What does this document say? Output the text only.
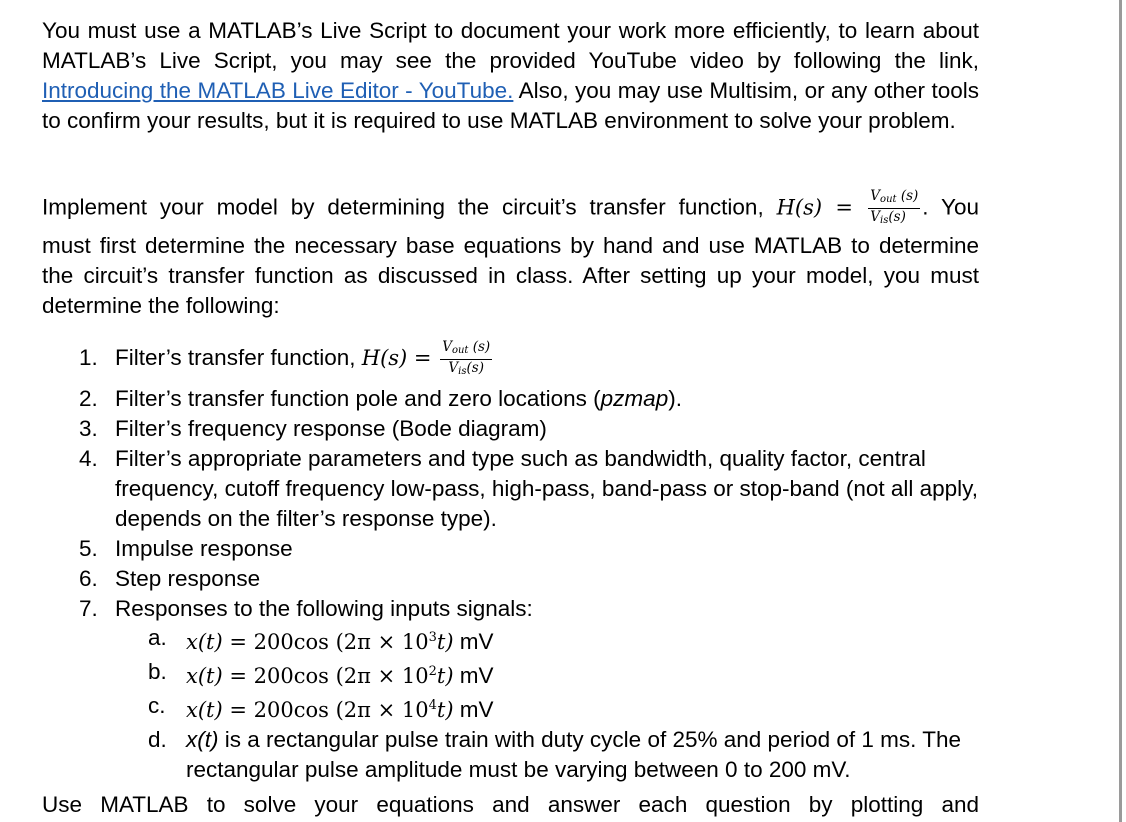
You must use a MATLAB’s Live Script to document your work more efficiently, to learn about MATLAB’s Live Script, you may see the provided YouTube video by following the link, Introducing the MATLAB Live Editor - YouTube. Also, you may use Multisim, or any other tools to confirm your results, but it is required to use MATLAB environment to solve your problem.
Implement your model by determining the circuit’s transfer function, $H(s) = \frac{V_{out} (s)}{V_{is}(s)}$ . You
must first determine the necessary base equations by hand and use MATLAB to determine the circuit’s transfer function as discussed in class. After setting up your model, you must determine the following:
1. Filter’s transfer function, $H(s) = \frac{V_{out} (s)}{V_{is}(s)}$
2. Filter’s transfer function pole and zero locations (pzmap).
3. Filter’s frequency response (Bode diagram)
4. Filter’s appropriate parameters and type such as bandwidth, quality factor, central frequency, cutoff frequency low-pass, high-pass, band-pass or stop-band (not all apply, depends on the filter’s response type).
5. Impulse response
6. Step response
7. Responses to the following inputs signals:
a. x(t) = 200cos $(2\pi \times 10^3t)$ mV
b. x(t) = 200cos $(2\pi \times 10^2t)$ mV
c. x(t) = 200cos $(2\pi \times 10^4t)$ mV
d. x(t) is a rectangular pulse train with duty cycle of 25% and period of 1 ms. The rectangular pulse amplitude must be varying between 0 to 200 mV.
Use MATLAB to solve your equations and answer each question by plotting and
